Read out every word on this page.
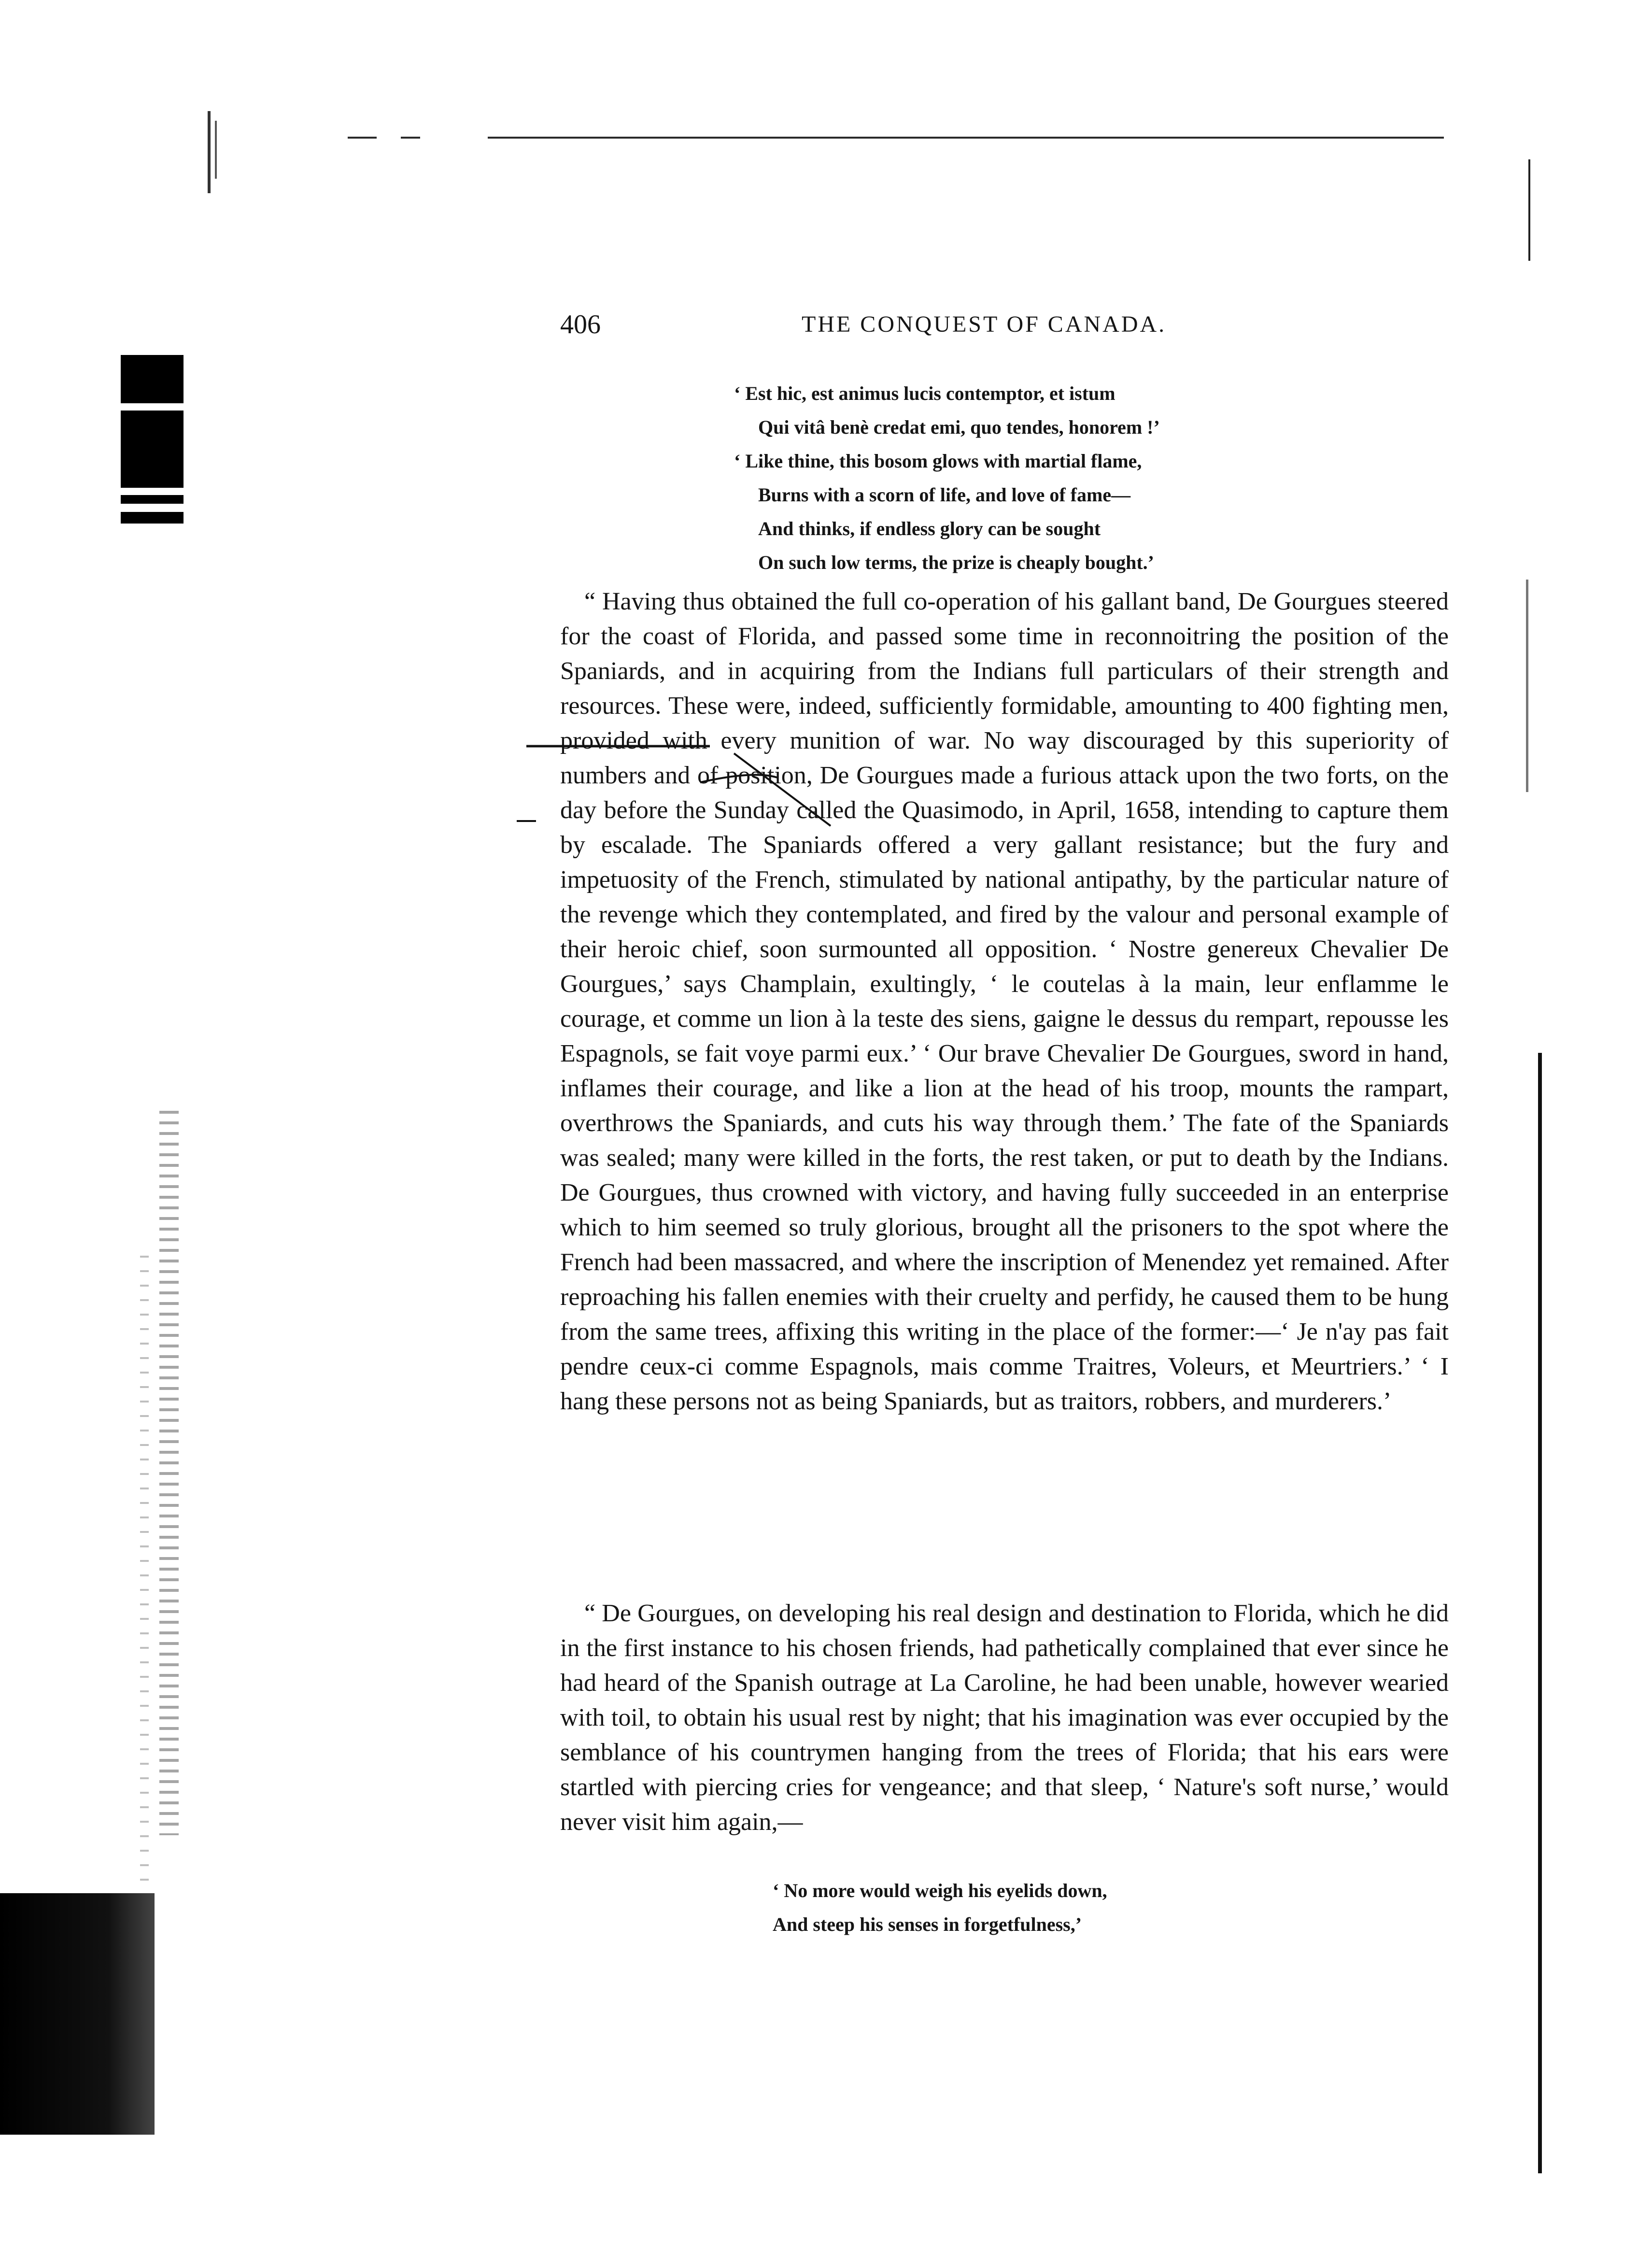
406	THE CONQUEST OF CANADA.
‘ Est hic, est animus lucis contemptor, et istum
Qui vitâ benè credat emi, quo tendes, honorem !’
‘ Like thine, this bosom glows with martial flame,
Burns with a scorn of life, and love of fame—
And thinks, if endless glory can be sought
On such low terms, the prize is cheaply bought.’

“ Having thus obtained the full co-operation of his gallant band, De Gourgues steered for the coast of Florida, and passed some time in reconnoitring the position of the Spaniards, and in acquiring from the Indians full particulars of their strength and resources. These were, indeed, sufficiently formidable, amounting to 400 fighting men, provided with every munition of war. No way discouraged by this superiority of numbers and of position, De Gourgues made a furious attack upon the two forts, on the day before the Sunday called the Quasimodo, in April, 1658, intending to capture them by escalade. The Spaniards offered a very gallant resistance; but the fury and impetuosity of the French, stimulated by national antipathy, by the particular nature of the revenge which they contemplated, and fired by the valour and personal example of their heroic chief, soon surmounted all opposition. ‘ Nostre genereux Chevalier De Gourgues,’ says Champlain, exultingly, ‘ le coutelas à la main, leur enflamme le courage, et comme un lion à la teste des siens, gaigne le dessus du rempart, repousse les Espagnols, se fait voye parmi eux.’ ‘ Our brave Chevalier De Gourgues, sword in hand, inflames their courage, and like a lion at the head of his troop, mounts the rampart, overthrows the Spaniards, and cuts his way through them.’ The fate of the Spaniards was sealed; many were killed in the forts, the rest taken, or put to death by the Indians. De Gourgues, thus crowned with victory, and having fully succeeded in an enterprise which to him seemed so truly glorious, brought all the prisoners to the spot where the French had been massacred, and where the inscription of Menendez yet remained. After reproaching his fallen enemies with their cruelty and perfidy, he caused them to be hung from the same trees, affixing this writing in the place of the former:—‘ Je n'ay pas fait pendre ceux-ci comme Espagnols, mais comme Traitres, Voleurs, et Meurtriers.’ ‘ I hang these persons not as being Spaniards, but as traitors, robbers, and murderers.’

“ De Gourgues, on developing his real design and destination to Florida, which he did in the first instance to his chosen friends, had pathetically complained that ever since he had heard of the Spanish outrage at La Caroline, he had been unable, however wearied with toil, to obtain his usual rest by night; that his imagination was ever occupied by the semblance of his countrymen hanging from the trees of Florida; that his ears were startled with piercing cries for vengeance; and that sleep, ‘ Nature's soft nurse,’ would never visit him again,—

‘ No more would weigh his eyelids down,
And steep his senses in forgetfulness,’
